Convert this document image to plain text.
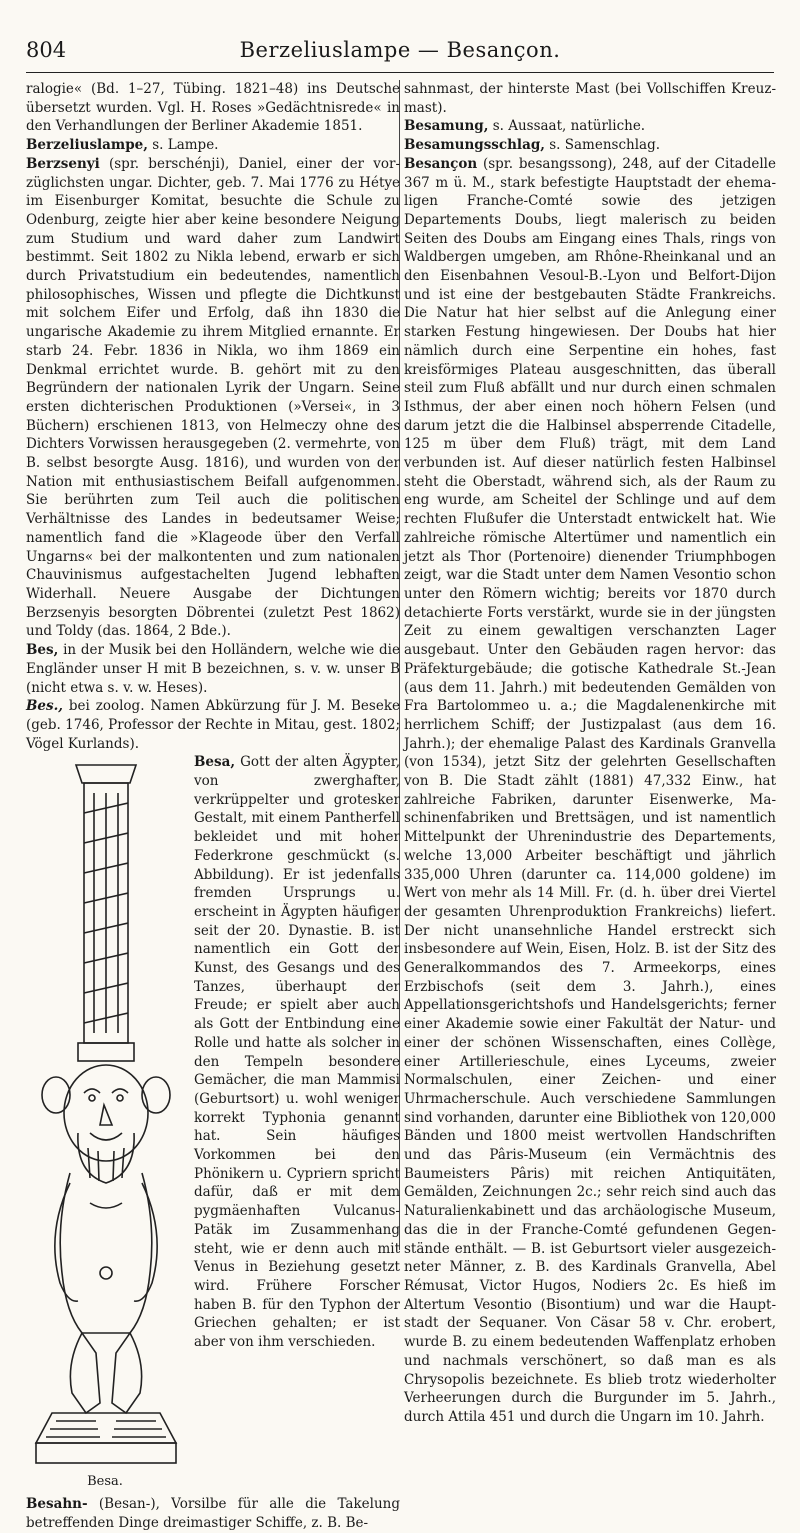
804	Berzeliuslampe — Besançon.

ralogie« (Bd. 1–27, Tübing. 1821–48) ins Deutsche übersetzt wurden. Vgl. H. Roses »Gedächtnisrede« in den Verhandlungen der Berliner Akademie 1851.

Berzeliuslampe, s. Lampe.

Berzsenyi (spr. berschénji), Daniel, einer der vorzüglichsten ungar. Dichter, geb. 7. Mai 1776 zu Hétye im Eisenburger Komitat, besuchte die Schule zu Odenburg, zeigte hier aber keine besondere Neigung zum Studium und ward daher zum Landwirt bestimmt. Seit 1802 zu Nikla lebend, erwarb er sich durch Privatstudium ein bedeutendes, namentlich philosophisches, Wissen und pflegte die Dichtkunst mit solchem Eifer und Erfolg, daß ihn 1830 die ungarische Akademie zu ihrem Mitglied ernannte. Er starb 24. Febr. 1836 in Nikla, wo ihm 1869 ein Denkmal errichtet wurde. B. gehört mit zu den Begründern der nationalen Lyrik der Ungarn. Seine ersten dichterischen Produktionen (»Versei«, in 3 Büchern) erschienen 1813, von Helmeczy ohne des Dichters Vorwissen herausgegeben (2. vermehrte, von B. selbst besorgte Ausg. 1816), und wurden von der Nation mit enthusiastischem Beifall aufgenommen. Sie berührten zum Teil auch die politischen Verhältnisse des Landes in bedeutsamer Weise; namentlich fand die »Klageode über den Verfall Ungarns« bei der malkontenten und zum nationalen Chauvinismus aufgestachelten Jugend lebhaften Widerhall. Neuere Ausgabe der Dichtungen Berzsenyis besorgten Döbrentei (zuletzt Pest 1862) und Toldy (das. 1864, 2 Bde.).

Bes, in der Musik bei den Holländern, welche wie die Engländer unser H mit B bezeichnen, s. v. w. unser B (nicht etwa s. v. w. Heses).

Bes., bei zoolog. Namen Abkürzung für J. M. Beseke (geb. 1746, Professor der Rechte in Mitau, gest. 1802; Vögel Kurlands).

Besa.
Besa, Gott der alten Ägypter, von zwerghafter, verkrüppelter und grotesker Gestalt, mit einem Pantherfell bekleidet und mit hoher Federkrone geschmückt (s. Abbildung). Er ist jedenfalls fremden Ursprungs u. erscheint in Ägypten häufiger seit der 20. Dynastie. B. ist namentlich ein Gott der Kunst, des Gesangs und des Tanzes, überhaupt der Freude; er spielt aber auch als Gott der Entbindung eine Rolle und hatte als solcher in den Tempeln besondere Gemächer, die man Mammisi (Geburtsort) u. wohl weniger korrekt Typhonia genannt hat. Sein häufiges Vorkommen bei den Phönikern u. Cypriern spricht dafür, daß er mit dem pygmäenhaften Vulcanus-Patäk im Zusammenhang steht, wie er denn auch mit Venus in Beziehung gesetzt wird. Frühere Forscher haben B. für den Typhon der Griechen gehalten; er ist aber von ihm verschieden.

Besahn- (Besan-), Vorsilbe für alle die Takelung betreffenden Dinge dreimastiger Schiffe, z. B. Be-

sahnmast, der hinterste Mast (bei Vollschiffen Kreuzmast).

Besamung, s. Aussaat, natürliche.

Besamungsschlag, s. Samenschlag.

Besançon (spr. besangssong), 248, auf der Citadelle 367 m ü. M., stark befestigte Hauptstadt der ehemaligen Franche-Comté sowie des jetzigen Departements Doubs, liegt malerisch zu beiden Seiten des Doubs am Eingang eines Thals, rings von Waldbergen umgeben, am Rhône-Rheinkanal und an den Eisenbahnen Vesoul-B.-Lyon und Belfort-Dijon und ist eine der bestgebauten Städte Frankreichs. Die Natur hat hier selbst auf die Anlegung einer starken Festung hingewiesen. Der Doubs hat hier nämlich durch eine Serpentine ein hohes, fast kreisförmiges Plateau ausgeschnitten, das überall steil zum Fluß abfällt und nur durch einen schmalen Isthmus, der aber einen noch höhern Felsen (und darum jetzt die die Halbinsel absperrende Citadelle, 125 m über dem Fluß) trägt, mit dem Land verbunden ist. Auf dieser natürlich festen Halbinsel steht die Oberstadt, während sich, als der Raum zu eng wurde, am Scheitel der Schlinge und auf dem rechten Flußufer die Unterstadt entwickelt hat. Wie zahlreiche römische Altertümer und namentlich ein jetzt als Thor (Portenoire) dienender Triumphbogen zeigt, war die Stadt unter dem Namen Vesontio schon unter den Römern wichtig; bereits vor 1870 durch detachierte Forts verstärkt, wurde sie in der jüngsten Zeit zu einem gewaltigen verschanzten Lager ausgebaut. Unter den Gebäuden ragen hervor: das Präfekturgebäude; die gotische Kathedrale St.-Jean (aus dem 11. Jahrh.) mit bedeutenden Gemälden von Fra Bartolommeo u. a.; die Magdalenenkirche mit herrlichem Schiff; der Justizpalast (aus dem 16. Jahrh.); der ehemalige Palast des Kardinals Granvella (von 1534), jetzt Sitz der gelehrten Gesellschaften von B. Die Stadt zählt (1881) 47,332 Einw., hat zahlreiche Fabriken, darunter Eisenwerke, Maschinenfabriken und Brettsägen, und ist namentlich Mittelpunkt der Uhrenindustrie des Departements, welche 13,000 Arbeiter beschäftigt und jährlich 335,000 Uhren (darunter ca. 114,000 goldene) im Wert von mehr als 14 Mill. Fr. (d. h. über drei Viertel der gesamten Uhrenproduktion Frankreichs) liefert. Der nicht unansehnliche Handel erstreckt sich insbesondere auf Wein, Eisen, Holz. B. ist der Sitz des Generalkommandos des 7. Armeekorps, eines Erzbischofs (seit dem 3. Jahrh.), eines Appellationsgerichtshofs und Handelsgerichts; ferner einer Akademie sowie einer Fakultät der Natur- und einer der schönen Wissenschaften, eines Collège, einer Artillerieschule, eines Lyceums, zweier Normalschulen, einer Zeichen- und einer Uhrmacherschule. Auch verschiedene Sammlungen sind vorhanden, darunter eine Bibliothek von 120,000 Bänden und 1800 meist wertvollen Handschriften und das Pâris-Museum (ein Vermächtnis des Baumeisters Pâris) mit reichen Antiquitäten, Gemälden, Zeichnungen 2c.; sehr reich sind auch das Naturalienkabinett und das archäologische Museum, das die in der Franche-Comté gefundenen Gegenstände enthält. — B. ist Geburtsort vieler ausgezeichneter Männer, z. B. des Kardinals Granvella, Abel Rémusat, Victor Hugos, Nodiers 2c. Es hieß im Altertum Vesontio (Bisontium) und war die Hauptstadt der Sequaner. Von Cäsar 58 v. Chr. erobert, wurde B. zu einem bedeutenden Waffenplatz erhoben und nachmals verschönert, so daß man es als Chrysopolis bezeichnete. Es blieb trotz wiederholter Verheerungen durch die Burgunder im 5. Jahrh., durch Attila 451 und durch die Ungarn im 10. Jahrh.
